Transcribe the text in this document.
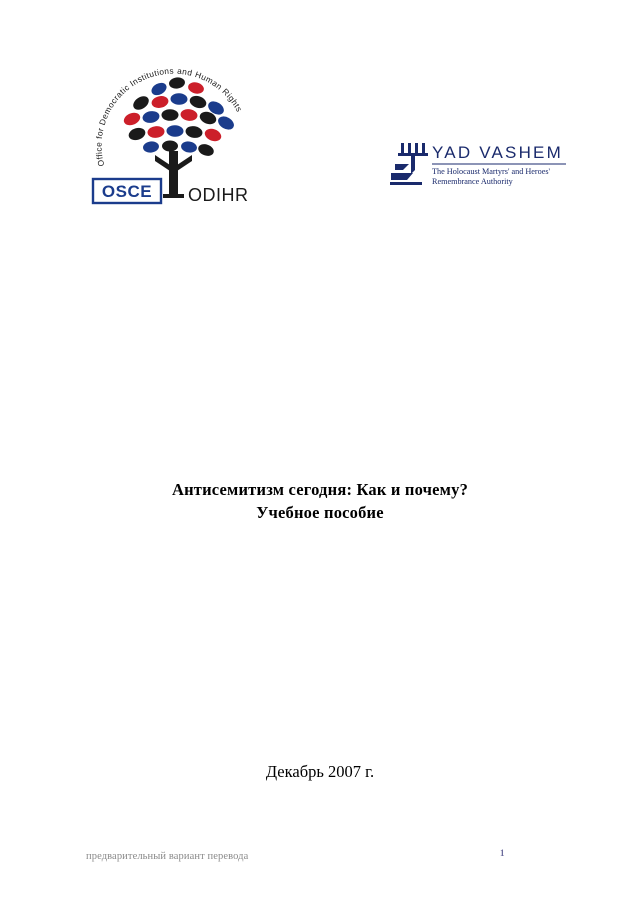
Office for Democratic Institutions and Human Rights
OSCE ODIHR
YAD VASHEM
The Holocaust Martyrs' and Heroes'
Remembrance Authority
Антисемитизм сегодня: Как и почему?
Учебное пособие
Декабрь 2007 г.
предварительный вариант перевода	1
